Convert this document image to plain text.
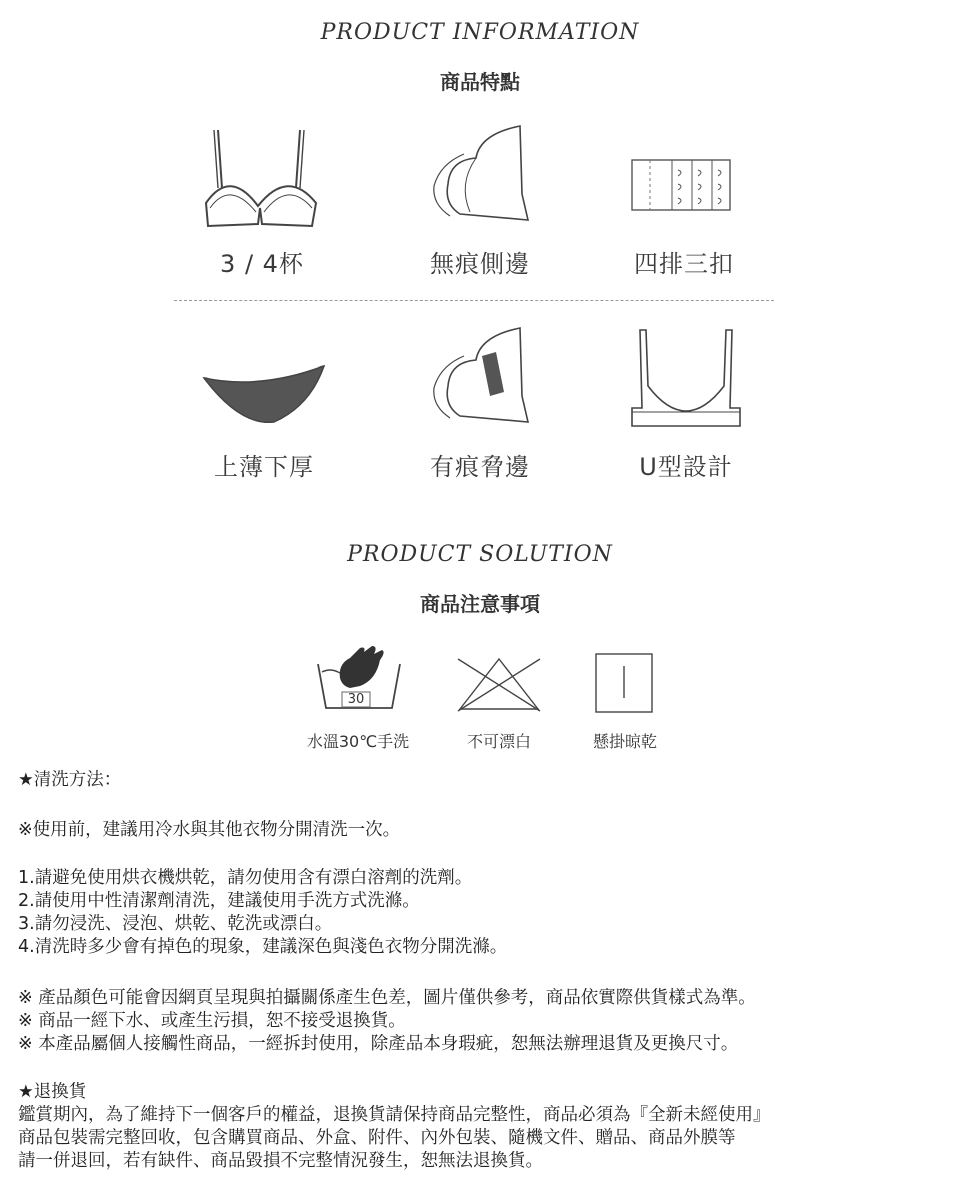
PRODUCT INFORMATION
商品特點
3 / 4杯	無痕側邊	四排三扣
上薄下厚	有痕脅邊	U型設計
PRODUCT SOLUTION
商品注意事項
30
水溫30℃手洗	不可漂白	懸掛晾乾
★清洗方法：
※使用前，建議用冷水與其他衣物分開清洗一次。
1.請避免使用烘衣機烘乾，請勿使用含有漂白溶劑的洗劑。
2.請使用中性清潔劑清洗，建議使用手洗方式洗滌。
3.請勿浸洗、浸泡、烘乾、乾洗或漂白。
4.清洗時多少會有掉色的現象，建議深色與淺色衣物分開洗滌。
※ 產品顏色可能會因網頁呈現與拍攝關係產生色差，圖片僅供參考，商品依實際供貨樣式為準。
※ 商品一經下水、或產生污損，恕不接受退換貨。
※ 本產品屬個人接觸性商品，一經拆封使用，除產品本身瑕疵，恕無法辦理退貨及更換尺寸。
★退換貨
鑑賞期內，為了維持下一個客戶的權益，退換貨請保持商品完整性，商品必須為『全新未經使用』
商品包裝需完整回收，包含購買商品、外盒、附件、內外包裝、隨機文件、贈品、商品外膜等
請一併退回，若有缺件、商品毀損不完整情況發生，恕無法退換貨。
